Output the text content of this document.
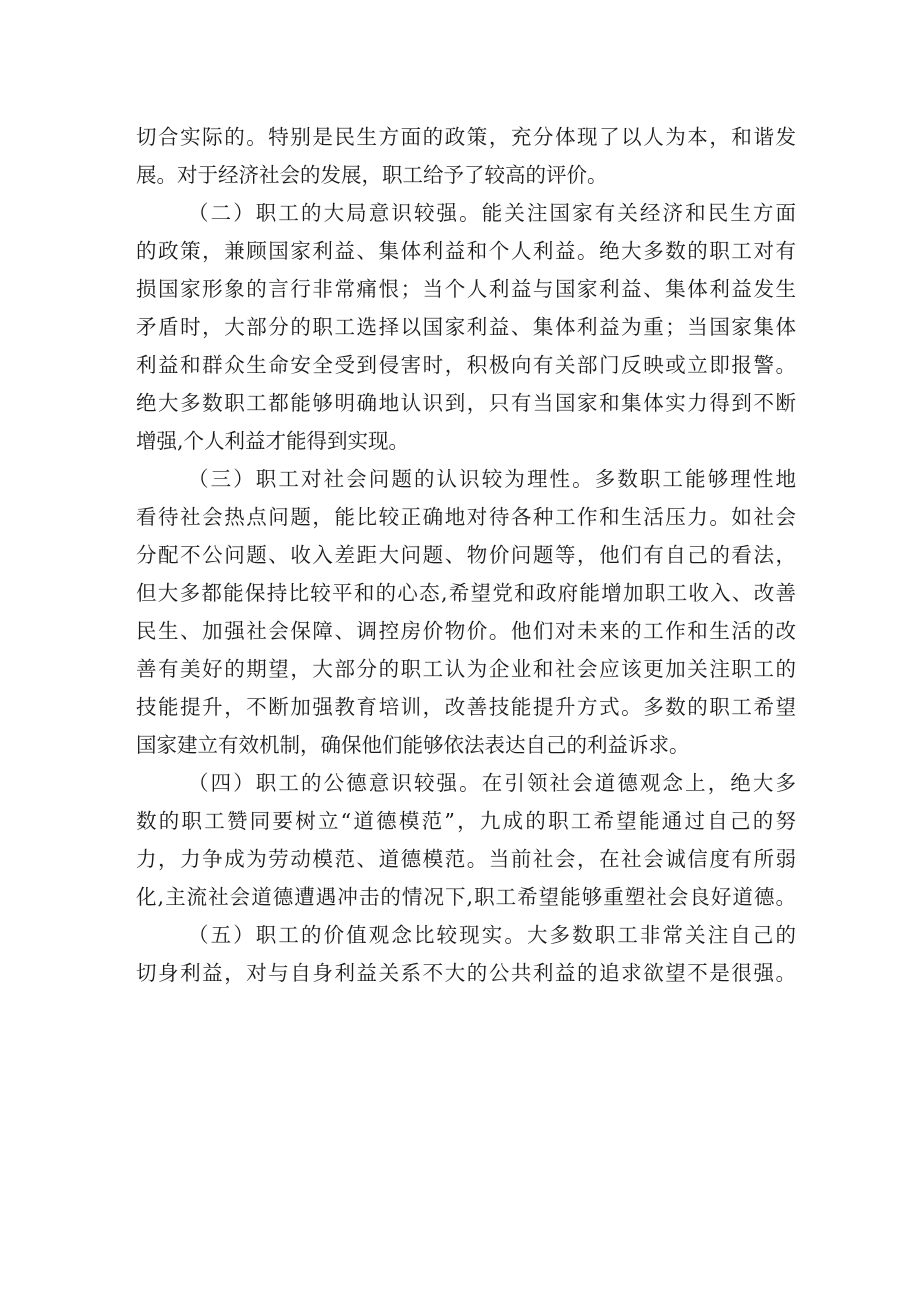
切合实际的。特别是民生方面的政策，充分体现了以人为本，和谐发
展。对于经济社会的发展，职工给予了较高的评价。
（二）职工的大局意识较强。能关注国家有关经济和民生方面
的政策，兼顾国家利益、集体利益和个人利益。绝大多数的职工对有
损国家形象的言行非常痛恨；当个人利益与国家利益、集体利益发生
矛盾时，大部分的职工选择以国家利益、集体利益为重；当国家集体
利益和群众生命安全受到侵害时，积极向有关部门反映或立即报警。
绝大多数职工都能够明确地认识到，只有当国家和集体实力得到不断
增强,个人利益才能得到实现。
（三）职工对社会问题的认识较为理性。多数职工能够理性地
看待社会热点问题，能比较正确地对待各种工作和生活压力。如社会
分配不公问题、收入差距大问题、物价问题等，他们有自己的看法，
但大多都能保持比较平和的心态,希望党和政府能增加职工收入、改善
民生、加强社会保障、调控房价物价。他们对未来的工作和生活的改
善有美好的期望，大部分的职工认为企业和社会应该更加关注职工的
技能提升，不断加强教育培训，改善技能提升方式。多数的职工希望
国家建立有效机制，确保他们能够依法表达自己的利益诉求。
（四）职工的公德意识较强。在引领社会道德观念上，绝大多
数的职工赞同要树立“道德模范”，九成的职工希望能通过自己的努
力，力争成为劳动模范、道德模范。当前社会，在社会诚信度有所弱
化,主流社会道德遭遇冲击的情况下,职工希望能够重塑社会良好道德。
（五）职工的价值观念比较现实。大多数职工非常关注自己的
切身利益，对与自身利益关系不大的公共利益的追求欲望不是很强。
